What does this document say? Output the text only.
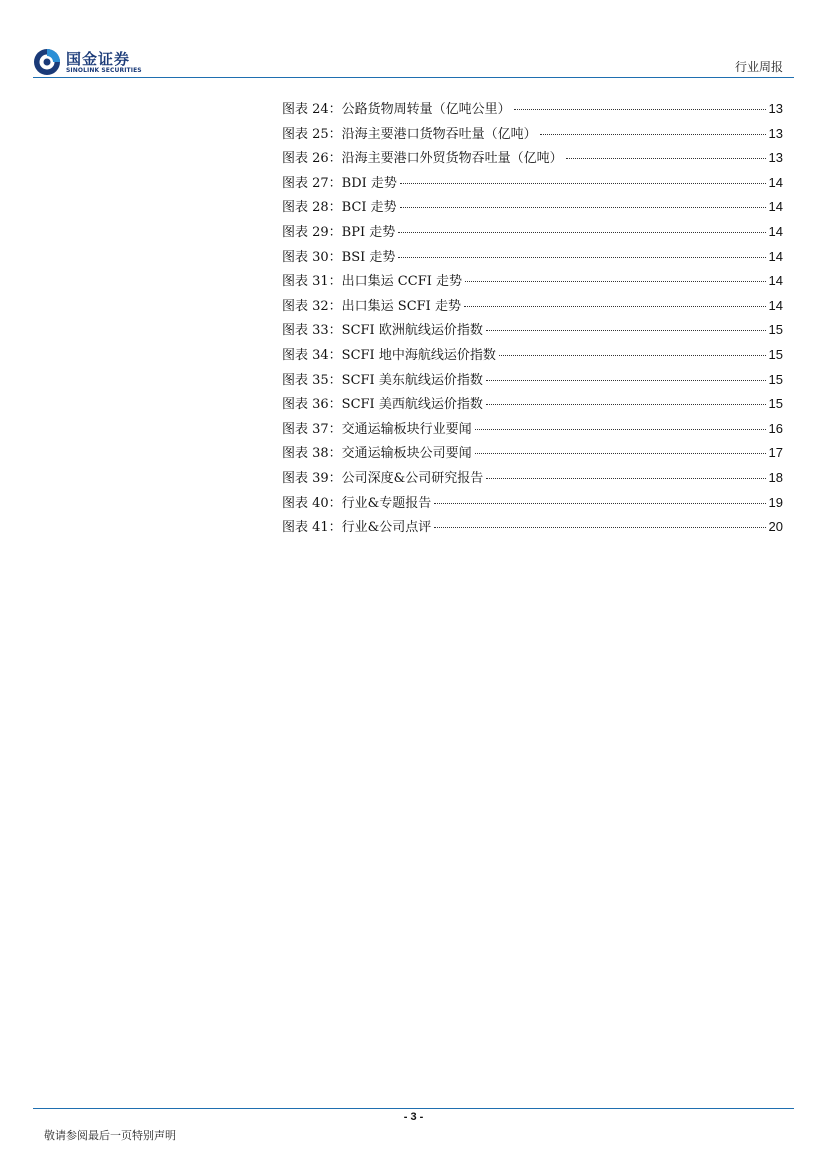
国金证券
SINOLINK SECURITIES	行业周报
图表 24：公路货物周转量（亿吨公里）	13
图表 25：沿海主要港口货物吞吐量（亿吨）	13
图表 26：沿海主要港口外贸货物吞吐量（亿吨）	13
图表 27：BDI 走势	14
图表 28：BCI 走势	14
图表 29：BPI 走势	14
图表 30：BSI 走势	14
图表 31：出口集运 CCFI 走势	14
图表 32：出口集运 SCFI 走势	14
图表 33：SCFI 欧洲航线运价指数	15
图表 34：SCFI 地中海航线运价指数	15
图表 35：SCFI 美东航线运价指数	15
图表 36：SCFI 美西航线运价指数	15
图表 37：交通运输板块行业要闻	16
图表 38：交通运输板块公司要闻	17
图表 39：公司深度&公司研究报告	18
图表 40：行业&专题报告	19
图表 41：行业&公司点评	20
- 3 -
敬请参阅最后一页特别声明
